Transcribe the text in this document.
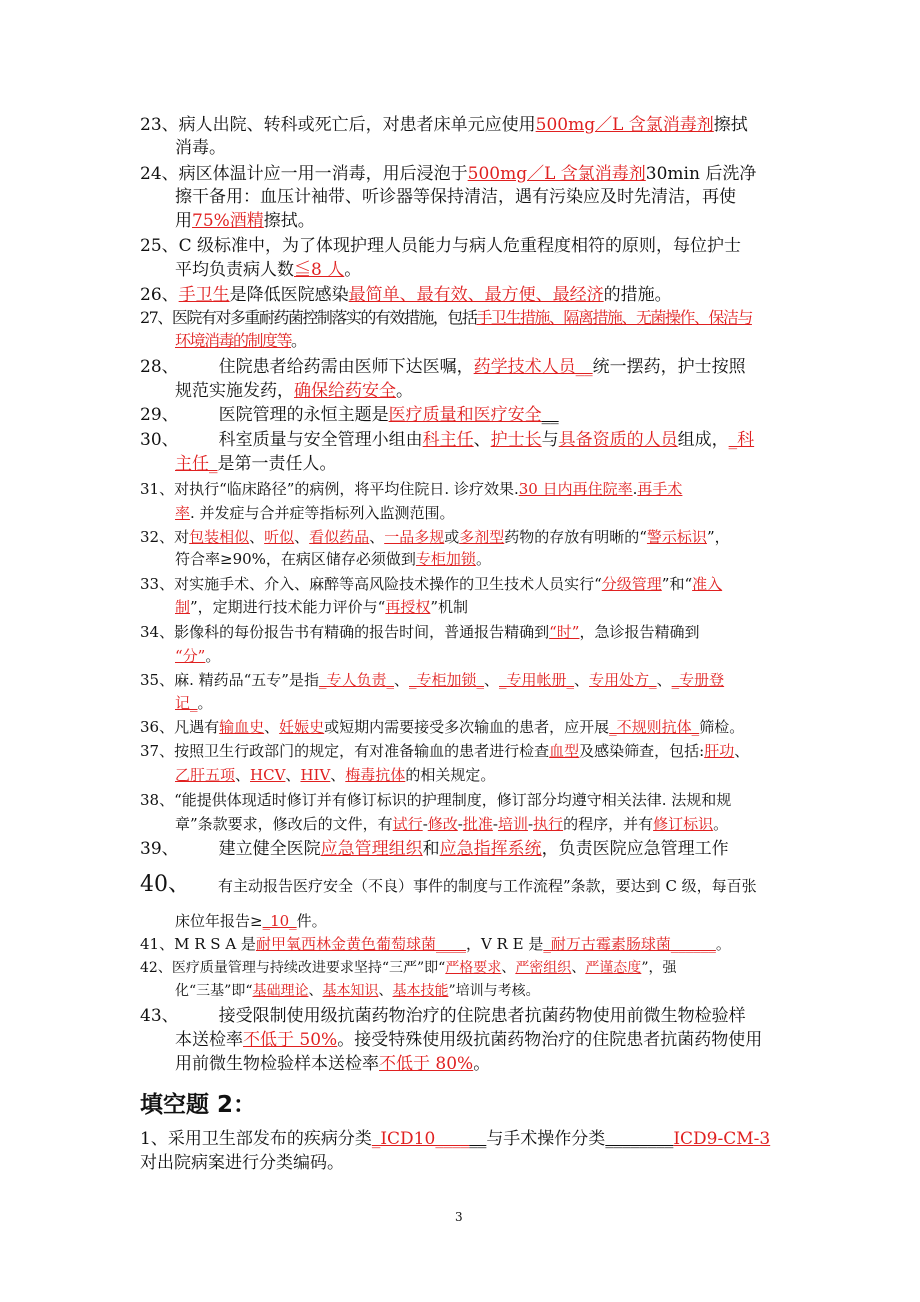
23、病人出院、转科或死亡后，对患者床单元应使用500mg／L 含氯消毒剂擦拭
消毒。
24、病区体温计应一用一消毒，用后浸泡于500mg／L 含氯消毒剂30min 后洗净
擦干备用：血压计袖带、听诊器等保持清洁，遇有污染应及时先清洁，再使
用75%酒精擦拭。
25、C 级标准中，为了体现护理人员能力与病人危重程度相符的原则，每位护士
平均负责病人数≦8 人。
26、手卫生是降低医院感染最简单、最有效、最方便、最经济的措施。
27、医院有对多重耐药菌控制落实的有效措施，包括手卫生措施、隔离措施、无菌操作、保洁与
环境消毒的制度等。
28、 住院患者给药需由医师下达医嘱，药学技术人员__统一摆药，护士按照
规范实施发药，确保给药安全。
29、 医院管理的永恒主题是医疗质量和医疗安全__
30、 科室质量与安全管理小组由科主任、护士长与具备资质的人员组成，_科
主任_是第一责任人。
31、对执行“临床路径”的病例，将平均住院日. 诊疗效果.30 日内再住院率.再手术
率. 并发症与合并症等指标列入监测范围。
32、对包装相似、听似、看似药品、一品多规或多剂型药物的存放有明晰的“警示标识”，
符合率≥90%，在病区储存必须做到专柜加锁。
33、对实施手术、介入、麻醉等高风险技术操作的卫生技术人员实行“分级管理”和“准入
制”，定期进行技术能力评价与“再授权”机制
34、影像科的每份报告书有精确的报告时间，普通报告精确到“时”，急诊报告精确到
“分”。
35、麻. 精药品“五专”是指_专人负责_、_专柜加锁_、_专用帐册_、专用处方_、_专册登
记_。
36、凡遇有输血史、妊娠史或短期内需要接受多次输血的患者，应开展_不规则抗体_筛检。
37、按照卫生行政部门的规定，有对准备输血的患者进行检查血型及感染筛查，包括:肝功、
乙肝五项、HCV、HIV、梅毒抗体的相关规定。
38、“能提供体现适时修订并有修订标识的护理制度，修订部分均遵守相关法律. 法规和规
章”条款要求，修改后的文件，有试行-修改-批准-培训-执行的程序，并有修订标识。
39、 建立健全医院应急管理组织和应急指挥系统，负责医院应急管理工作
40、 有主动报告医疗安全（不良）事件的制度与工作流程”条款，要达到 C 级，每百张
床位年报告≥_10_件。
41、M R S A 是耐甲氧西林金黄色葡萄球菌____，V R E 是_耐万古霉素肠球菌______。
42、医疗质量管理与持续改进要求坚持“三严”即“严格要求、严密组织、严谨态度”，强
化“三基”即“基础理论、基本知识、基本技能”培训与考核。
43、 接受限制使用级抗菌药物治疗的住院患者抗菌药物使用前微生物检验样
本送检率不低于 50%。接受特殊使用级抗菌药物治疗的住院患者抗菌药物使用
用前微生物检验样本送检率不低于 80%。
填空题 2：
1、采用卫生部发布的疾病分类_ICD10______与手术操作分类________ICD9-CM-3
对出院病案进行分类编码。
3
